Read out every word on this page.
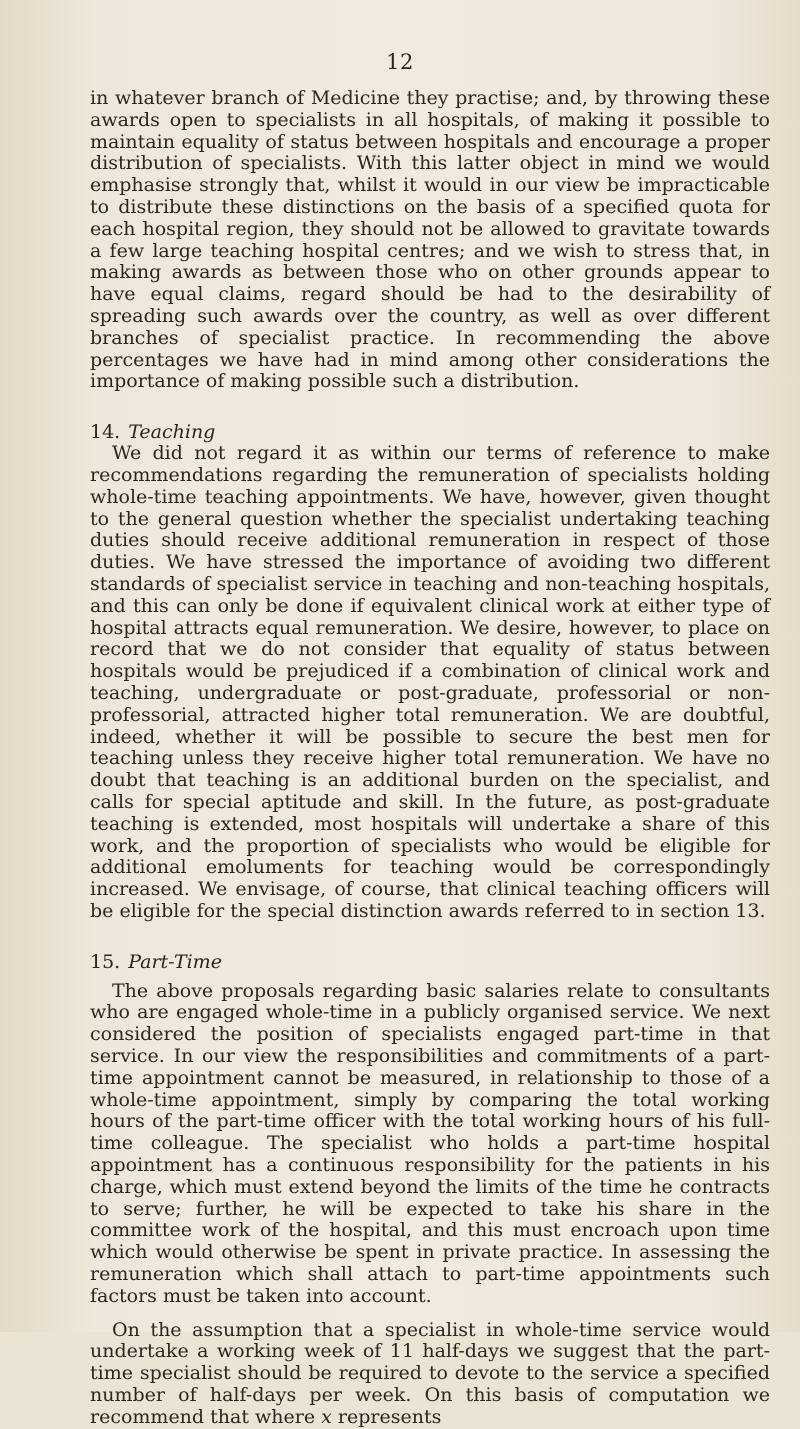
12

in whatever branch of Medicine they practise; and, by throwing these awards open to specialists in all hospitals, of making it possible to maintain equality of status between hospitals and encourage a proper distribution of specialists. With this latter object in mind we would emphasise strongly that, whilst it would in our view be impracticable to distribute these distinctions on the basis of a specified quota for each hospital region, they should not be allowed to gravitate towards a few large teaching hospital centres; and we wish to stress that, in making awards as between those who on other grounds appear to have equal claims, regard should be had to the desirability of spreading such awards over the country, as well as over different branches of specialist practice. In recommending the above percentages we have had in mind among other considerations the importance of making possible such a distribution.

14. Teaching

We did not regard it as within our terms of reference to make recommendations regarding the remuneration of specialists holding whole-time teaching appointments. We have, however, given thought to the general question whether the specialist undertaking teaching duties should receive additional remuneration in respect of those duties. We have stressed the importance of avoiding two different standards of specialist service in teaching and non-teaching hospitals, and this can only be done if equivalent clinical work at either type of hospital attracts equal remuneration. We desire, however, to place on record that we do not consider that equality of status between hospitals would be prejudiced if a combination of clinical work and teaching, undergraduate or post-graduate, professorial or non-professorial, attracted higher total remuneration. We are doubtful, indeed, whether it will be possible to secure the best men for teaching unless they receive higher total remuneration. We have no doubt that teaching is an additional burden on the specialist, and calls for special aptitude and skill. In the future, as post-graduate teaching is extended, most hospitals will undertake a share of this work, and the proportion of specialists who would be eligible for additional emoluments for teaching would be correspondingly increased. We envisage, of course, that clinical teaching officers will be eligible for the special distinction awards referred to in section 13.

15. Part-Time

The above proposals regarding basic salaries relate to consultants who are engaged whole-time in a publicly organised service. We next considered the position of specialists engaged part-time in that service. In our view the responsibilities and commitments of a part-time appointment cannot be measured, in relationship to those of a whole-time appointment, simply by comparing the total working hours of the part-time officer with the total working hours of his full-time colleague. The specialist who holds a part-time hospital appointment has a continuous responsibility for the patients in his charge, which must extend beyond the limits of the time he contracts to serve; further, he will be expected to take his share in the committee work of the hospital, and this must encroach upon time which would otherwise be spent in private practice. In assessing the remuneration which shall attach to part-time appointments such factors must be taken into account.

On the assumption that a specialist in whole-time service would undertake a working week of 11 half-days we suggest that the part-time specialist should be required to devote to the service a specified number of half-days per week. On this basis of computation we recommend that where x represents
